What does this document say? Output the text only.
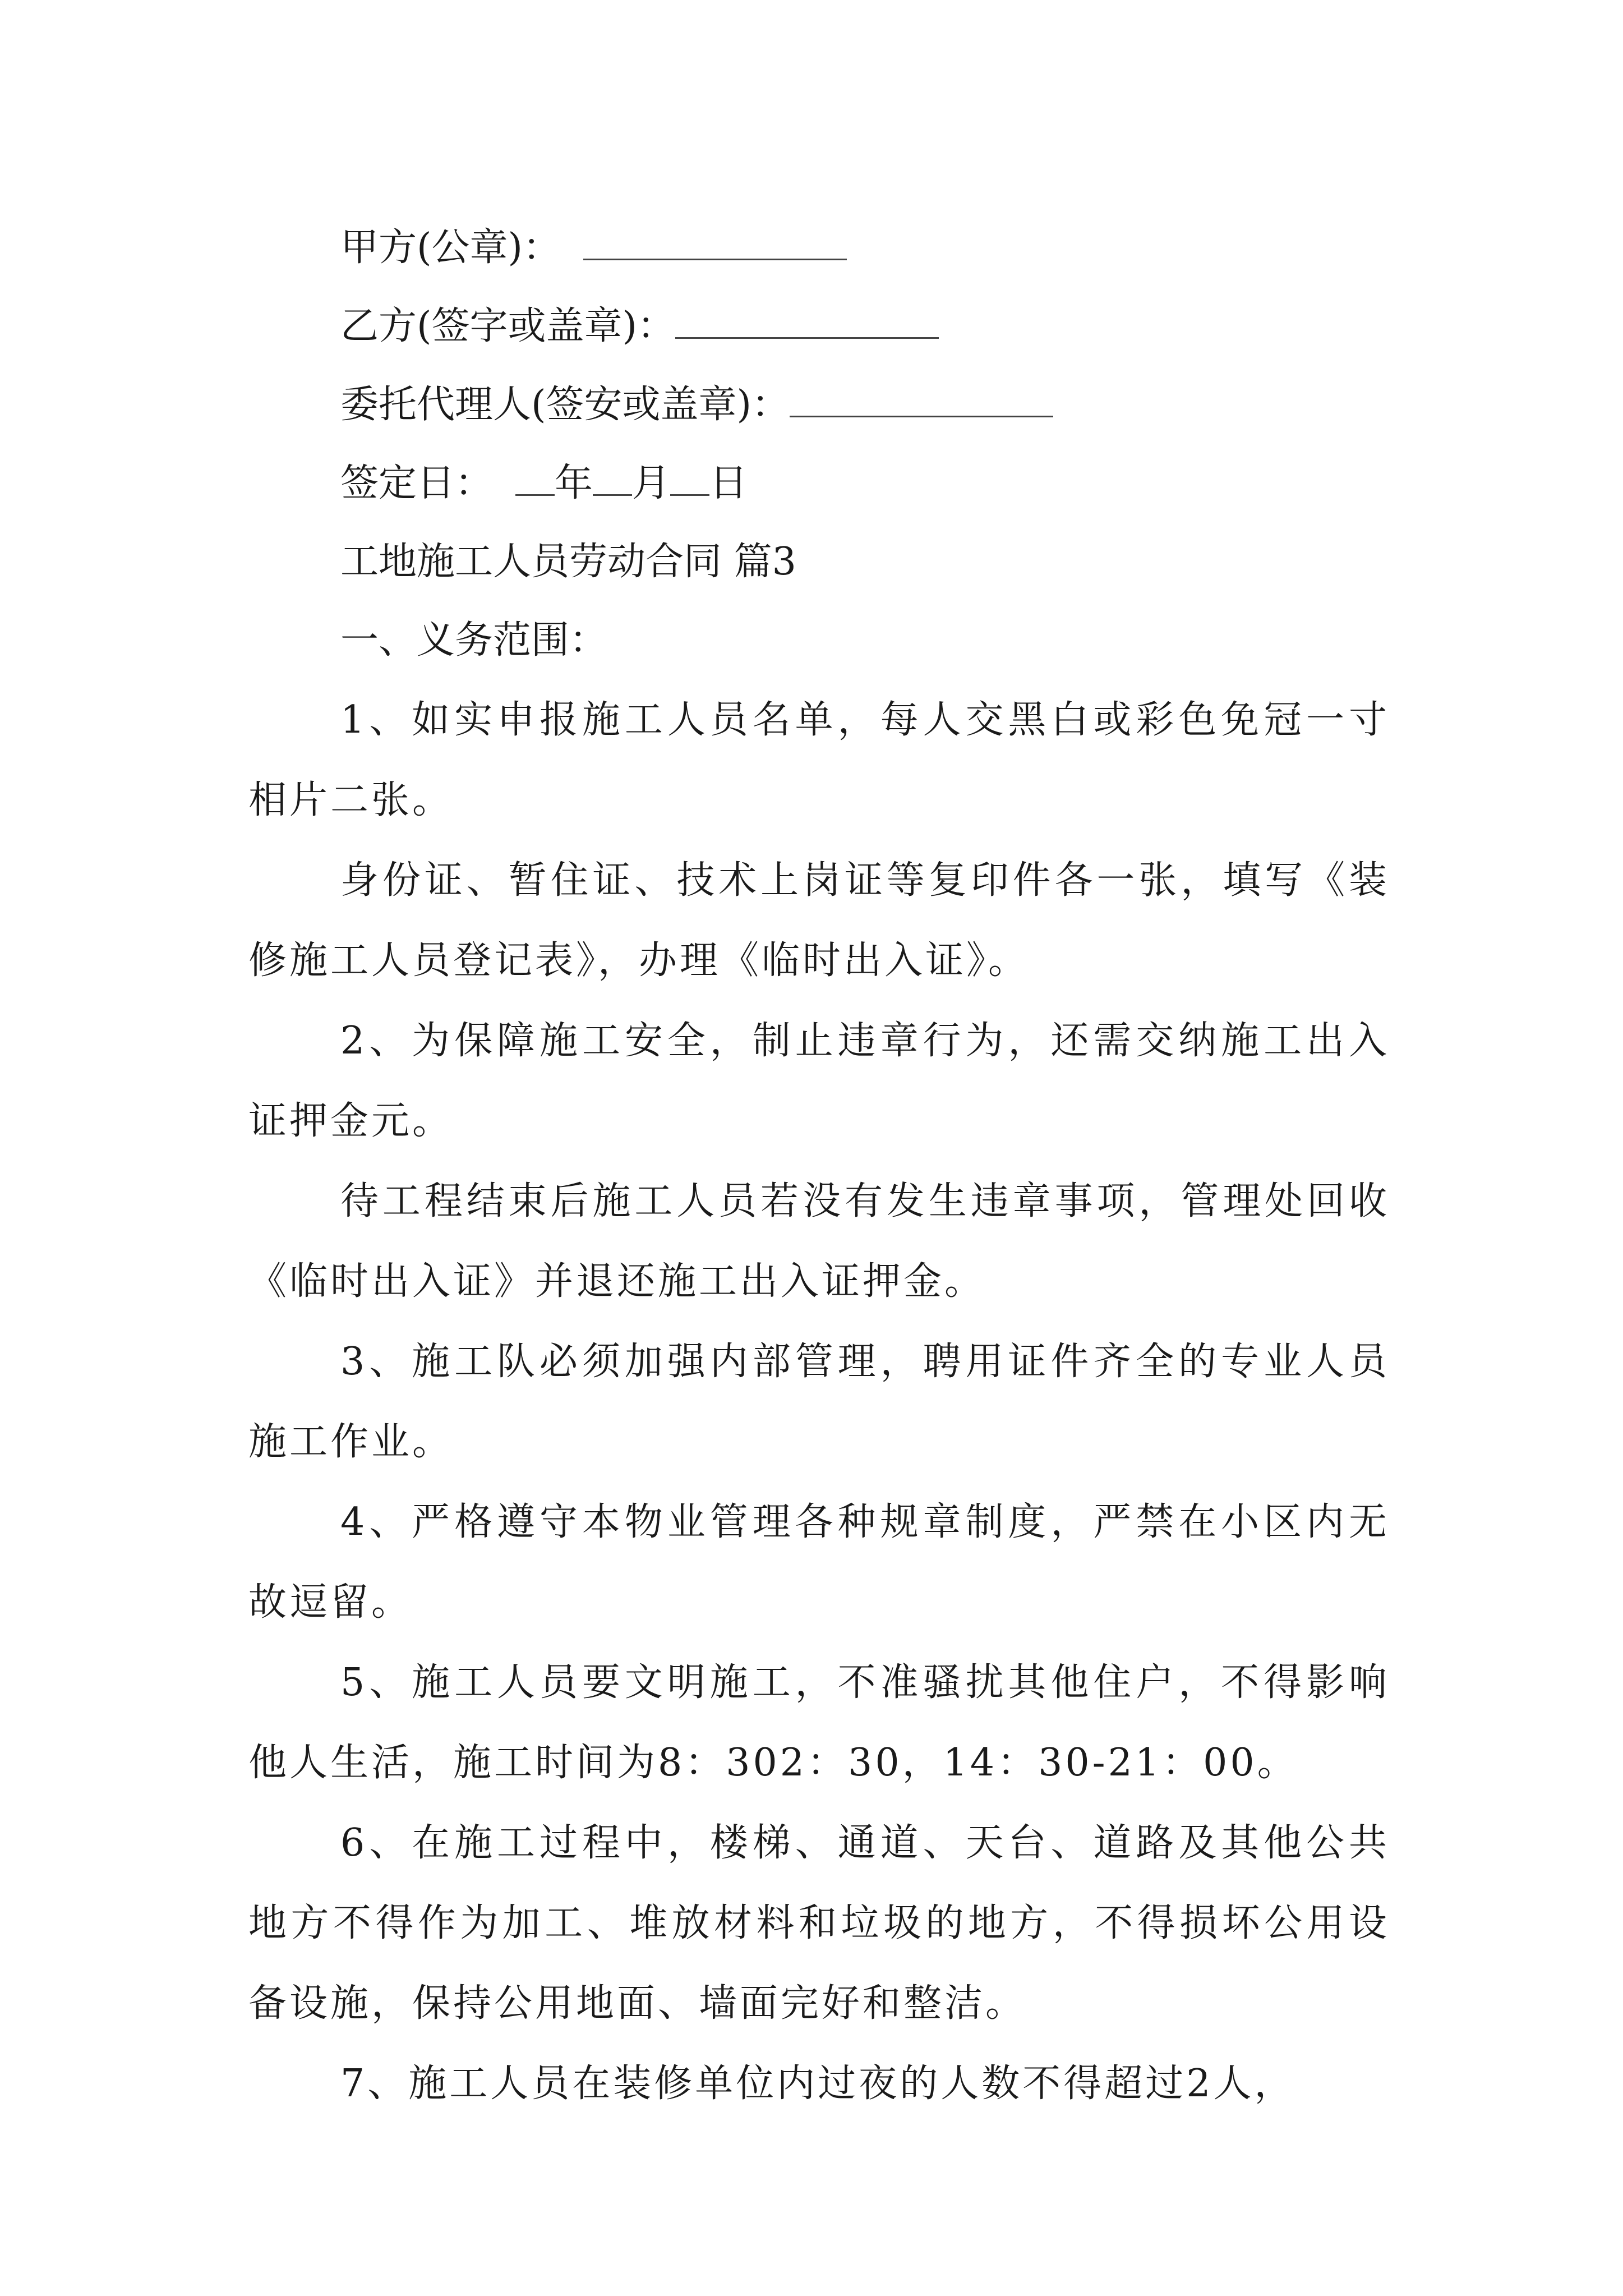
甲方(公章)：
乙方(签字或盖章)：
委托代理人(签安或盖章)：
签定日： 年 月 日
工地施工人员劳动合同 篇3
一、义务范围：

1、如实申报施工人员名单，每人交黑白或彩色免冠一寸相片二张。

身份证、暂住证、技术上岗证等复印件各一张，填写《装修施工人员登记表》，办理《临时出入证》。

2、为保障施工安全，制止违章行为，还需交纳施工出入证押金元。

待工程结束后施工人员若没有发生违章事项，管理处回收《临时出入证》并退还施工出入证押金。

3、施工队必须加强内部管理，聘用证件齐全的专业人员施工作业。

4、严格遵守本物业管理各种规章制度，严禁在小区内无故逗留。

5、施工人员要文明施工，不准骚扰其他住户，不得影响他人生活，施工时间为8：302：30，14：30-21：00。

6、在施工过程中，楼梯、通道、天台、道路及其他公共地方不得作为加工、堆放材料和垃圾的地方，不得损坏公用设备设施，保持公用地面、墙面完好和整洁。

7、施工人员在装修单位内过夜的人数不得超过2人，
